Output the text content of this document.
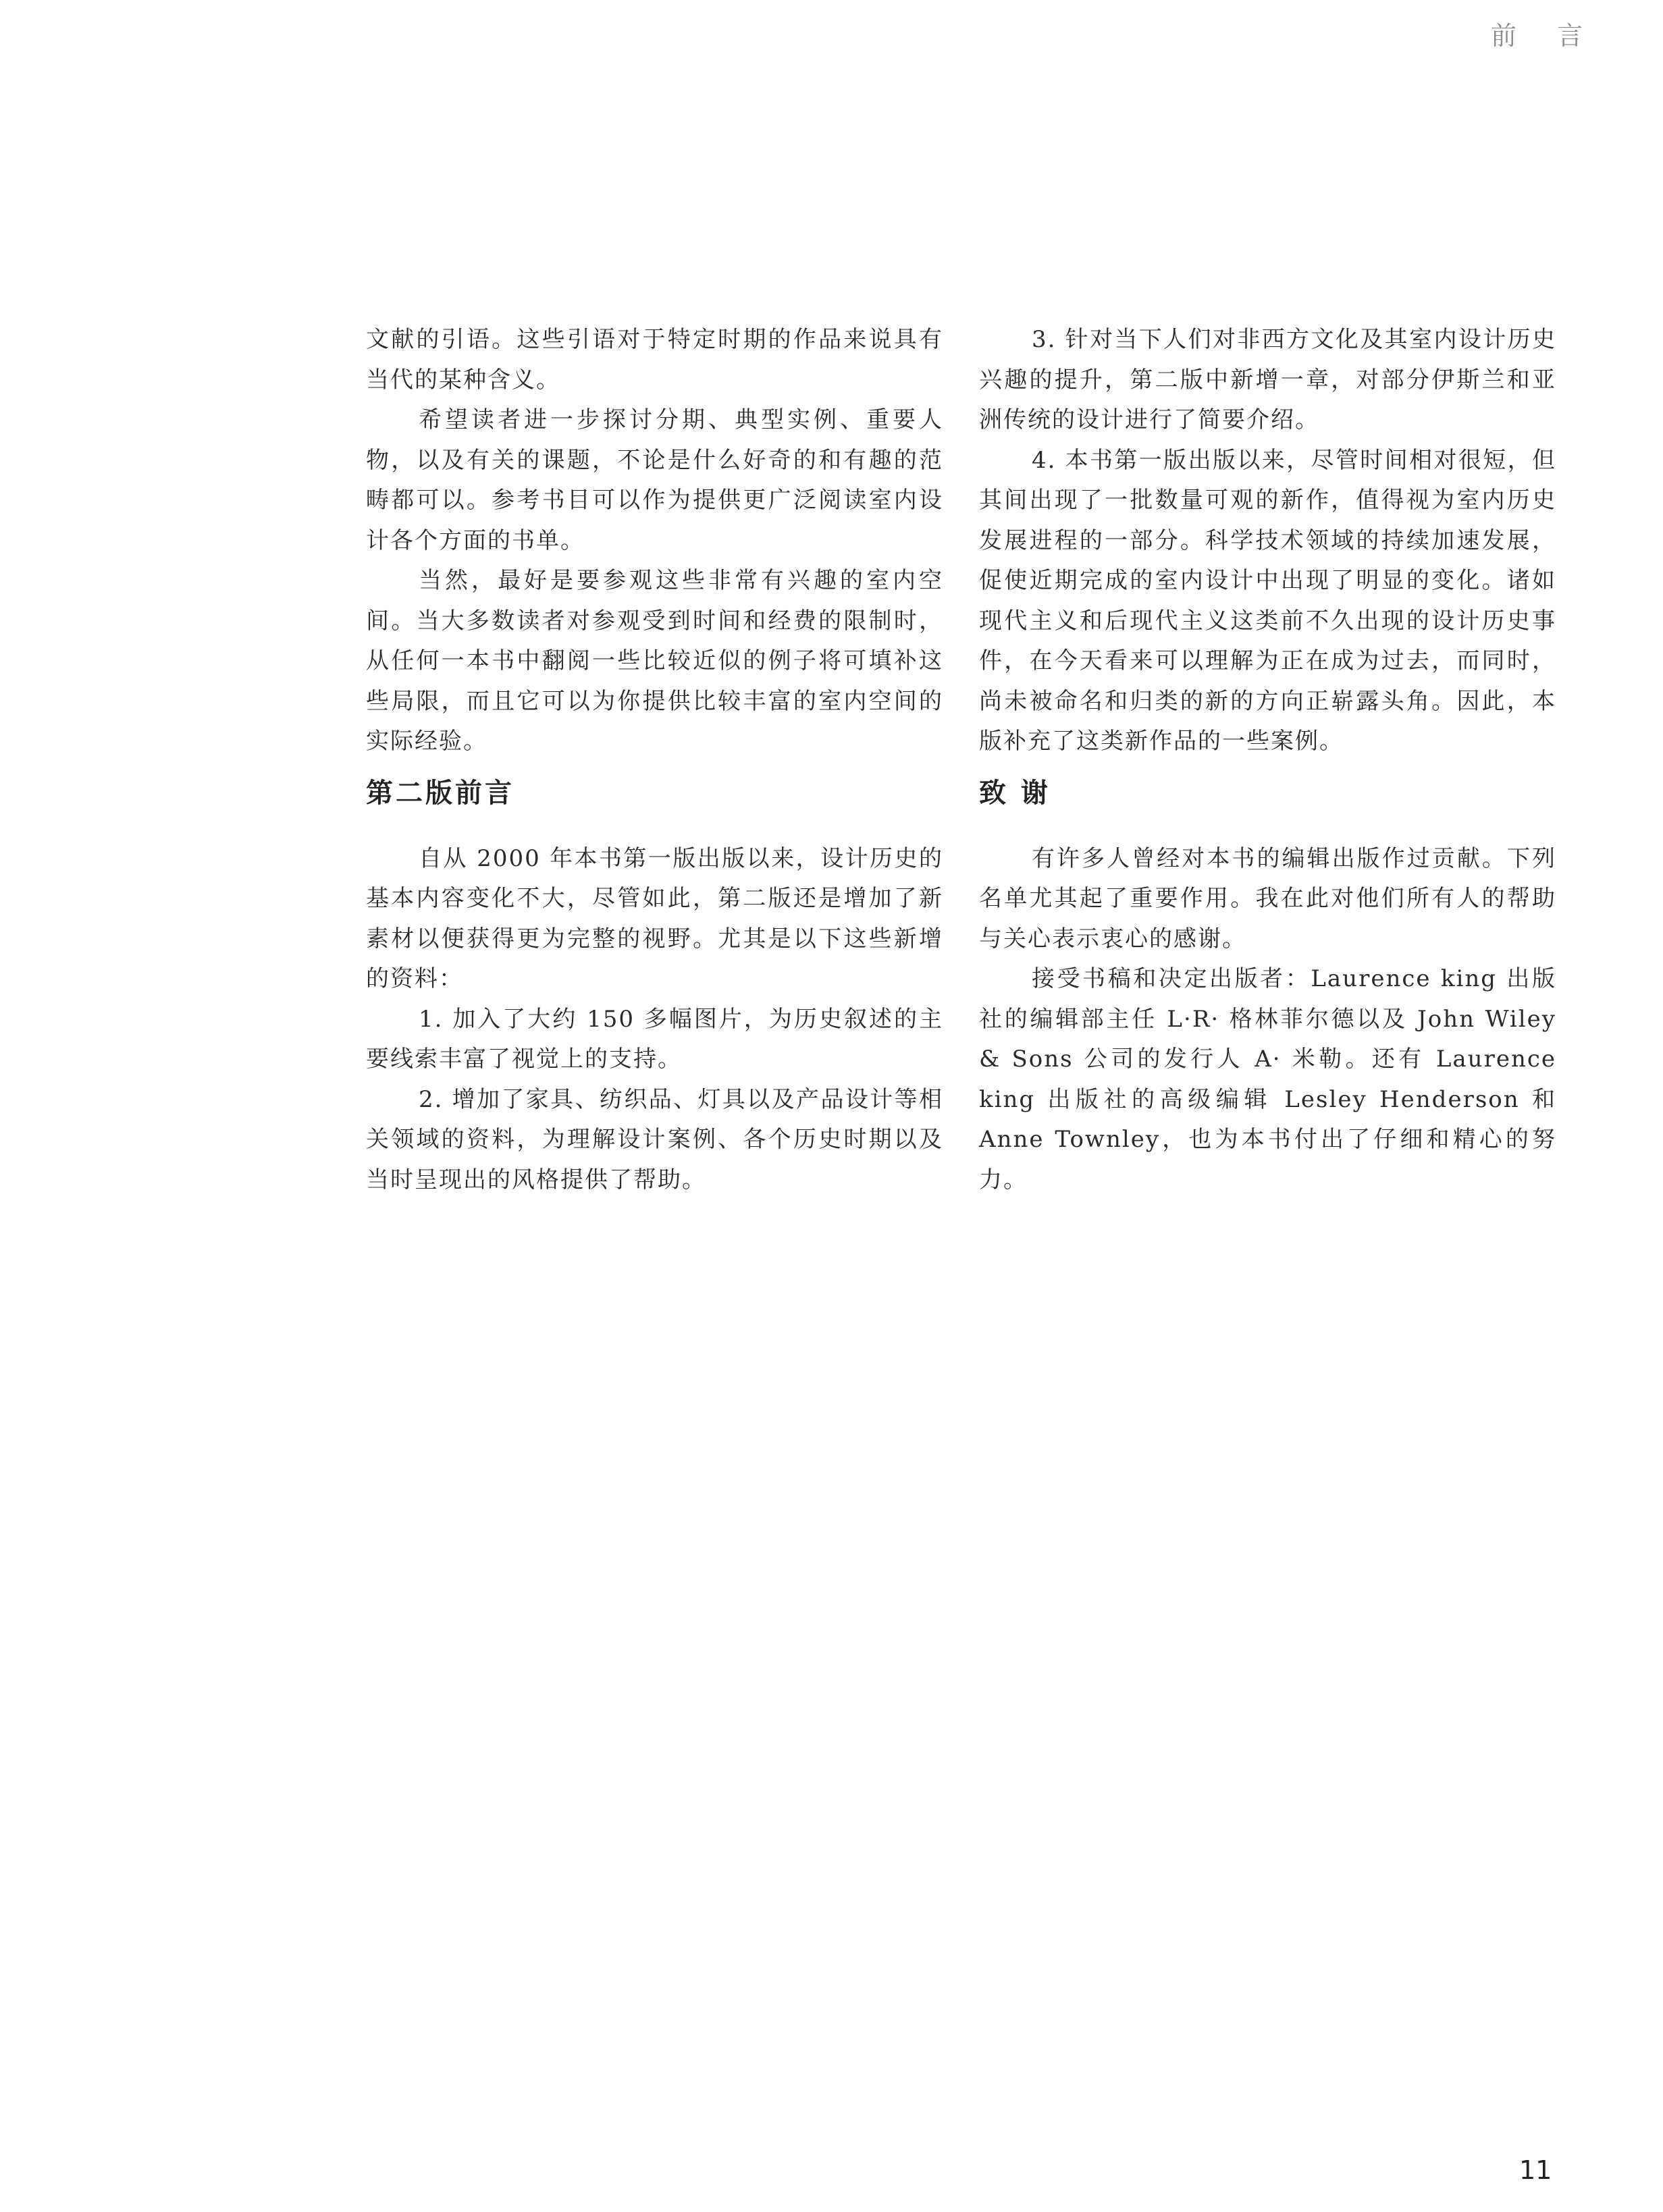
前 言

文献的引语。这些引语对于特定时期的作品来说具有当代的某种含义。

希望读者进一步探讨分期、典型实例、重要人物，以及有关的课题，不论是什么好奇的和有趣的范畴都可以。参考书目可以作为提供更广泛阅读室内设计各个方面的书单。

当然，最好是要参观这些非常有兴趣的室内空间。当大多数读者对参观受到时间和经费的限制时，从任何一本书中翻阅一些比较近似的例子将可填补这些局限，而且它可以为你提供比较丰富的室内空间的实际经验。

第二版前言

自从 2000 年本书第一版出版以来，设计历史的基本内容变化不大，尽管如此，第二版还是增加了新素材以便获得更为完整的视野。尤其是以下这些新增的资料：

1. 加入了大约 150 多幅图片，为历史叙述的主要线索丰富了视觉上的支持。

2. 增加了家具、纺织品、灯具以及产品设计等相关领域的资料，为理解设计案例、各个历史时期以及当时呈现出的风格提供了帮助。

3. 针对当下人们对非西方文化及其室内设计历史兴趣的提升，第二版中新增一章，对部分伊斯兰和亚洲传统的设计进行了简要介绍。

4. 本书第一版出版以来，尽管时间相对很短，但其间出现了一批数量可观的新作，值得视为室内历史发展进程的一部分。科学技术领域的持续加速发展，促使近期完成的室内设计中出现了明显的变化。诸如现代主义和后现代主义这类前不久出现的设计历史事件，在今天看来可以理解为正在成为过去，而同时，尚未被命名和归类的新的方向正崭露头角。因此，本版补充了这类新作品的一些案例。

致 谢

有许多人曾经对本书的编辑出版作过贡献。下列名单尤其起了重要作用。我在此对他们所有人的帮助与关心表示衷心的感谢。

接受书稿和决定出版者：Laurence king 出版社的编辑部主任 L·R· 格林菲尔德以及 John Wiley & Sons 公司的发行人 A· 米勒。还有 Laurence king 出版社的高级编辑 Lesley Henderson 和 Anne Townley，也为本书付出了仔细和精心的努力。

11
